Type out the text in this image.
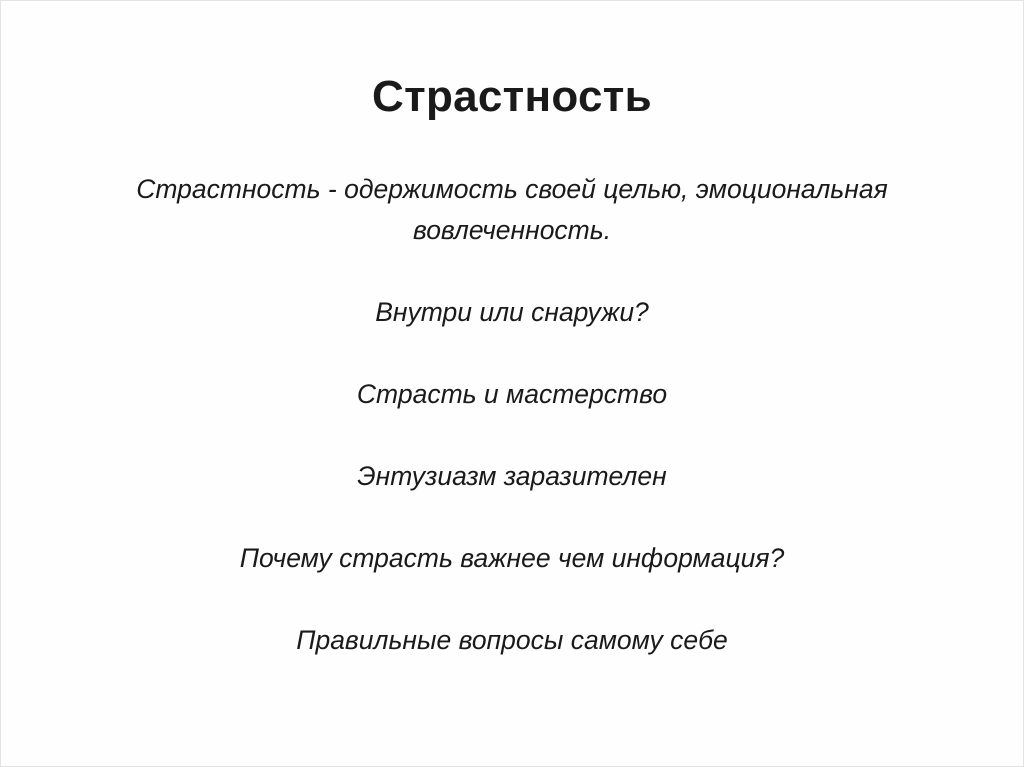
Страстность

Страстность - одержимость своей целью, эмоциональная вовлеченность.

Внутри или снаружи?

Страсть и мастерство

Энтузиазм заразителен

Почему страсть важнее чем информация?

Правильные вопросы самому себе
